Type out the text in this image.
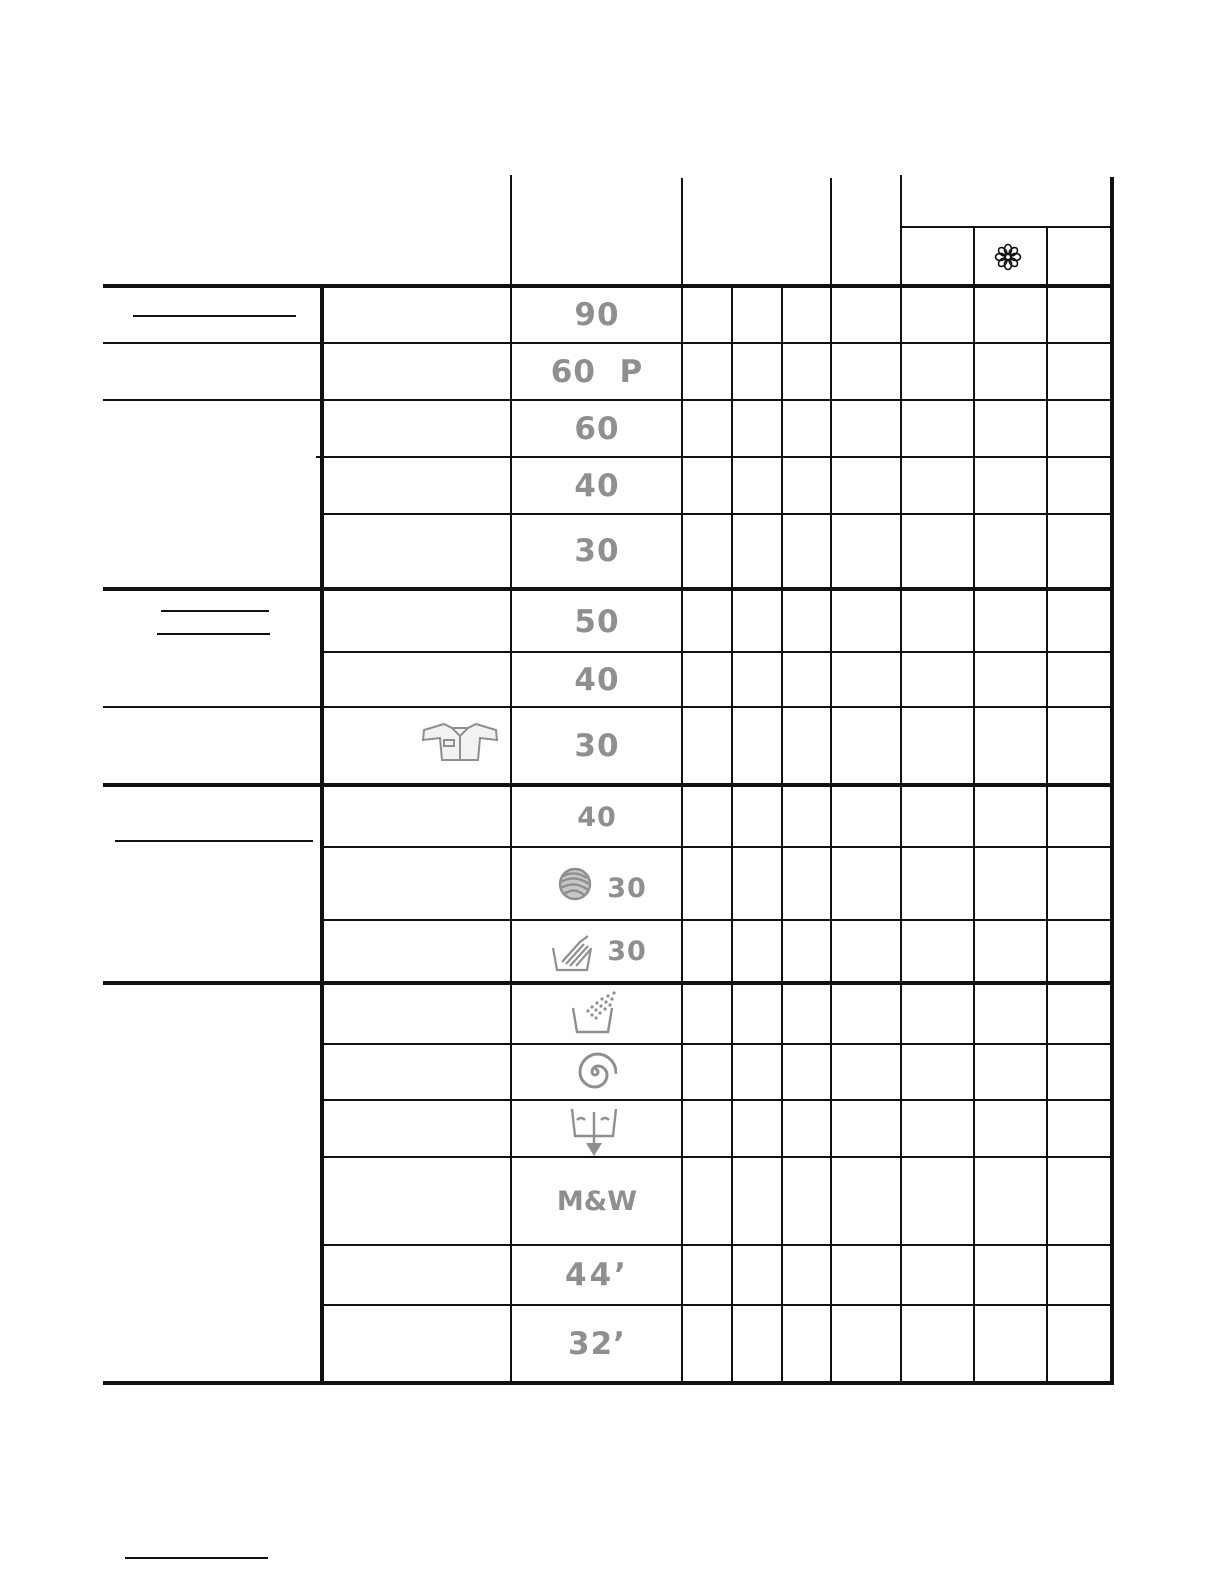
90
60
P
60
40
30
50
40
30
40
30
30
M&W
44’
32’
